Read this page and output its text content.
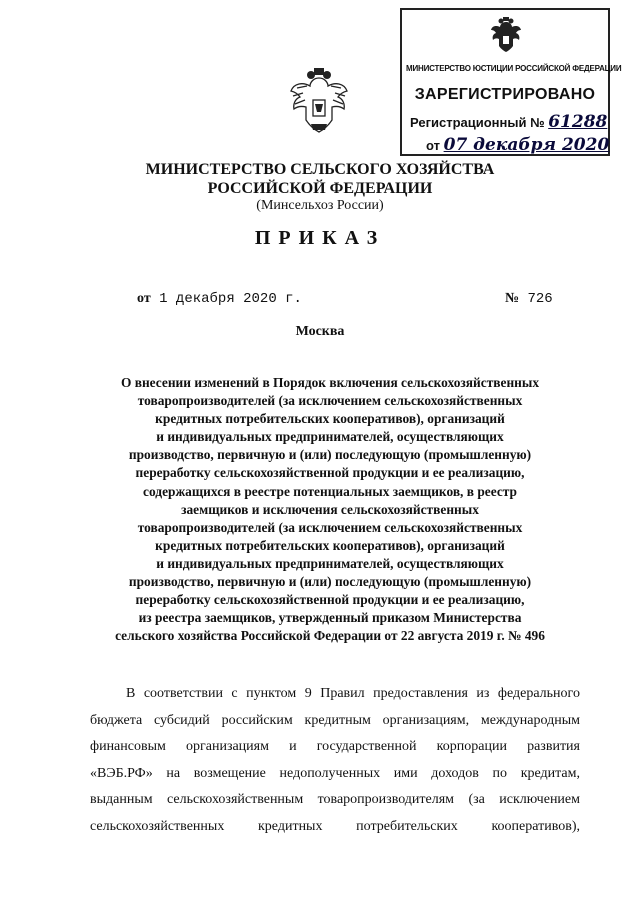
МИНИСТЕРСТВО ЮСТИЦИИ РОССИЙСКОЙ ФЕДЕРАЦИИ
ЗАРЕГИСТРИРОВАНО
Регистрационный № 61288
от 07 декабря 2020
МИНИСТЕРСТВО СЕЛЬСКОГО ХОЗЯЙСТВА
РОССИЙСКОЙ ФЕДЕРАЦИИ
(Минсельхоз России)
ПРИКАЗ
от 1 декабря 2020 г.	№ 726
Москва
О внесении изменений в Порядок включения сельскохозяйственных
товаропроизводителей (за исключением сельскохозяйственных
кредитных потребительских кооперативов), организаций
и индивидуальных предпринимателей, осуществляющих
производство, первичную и (или) последующую (промышленную)
переработку сельскохозяйственной продукции и ее реализацию,
содержащихся в реестре потенциальных заемщиков, в реестр
заемщиков и исключения сельскохозяйственных
товаропроизводителей (за исключением сельскохозяйственных
кредитных потребительских кооперативов), организаций
и индивидуальных предпринимателей, осуществляющих
производство, первичную и (или) последующую (промышленную)
переработку сельскохозяйственной продукции и ее реализацию,
из реестра заемщиков, утвержденный приказом Министерства
сельского хозяйства Российской Федерации от 22 августа 2019 г. № 496
В соответствии с пунктом 9 Правил предоставления из федерального
бюджета субсидий российским кредитным организациям, международным
финансовым организациям и государственной корпорации развития
«ВЭБ.РФ» на возмещение недополученных ими доходов по кредитам,
выданным сельскохозяйственным товаропроизводителям (за исключением
сельскохозяйственных кредитных потребительских кооперативов),
